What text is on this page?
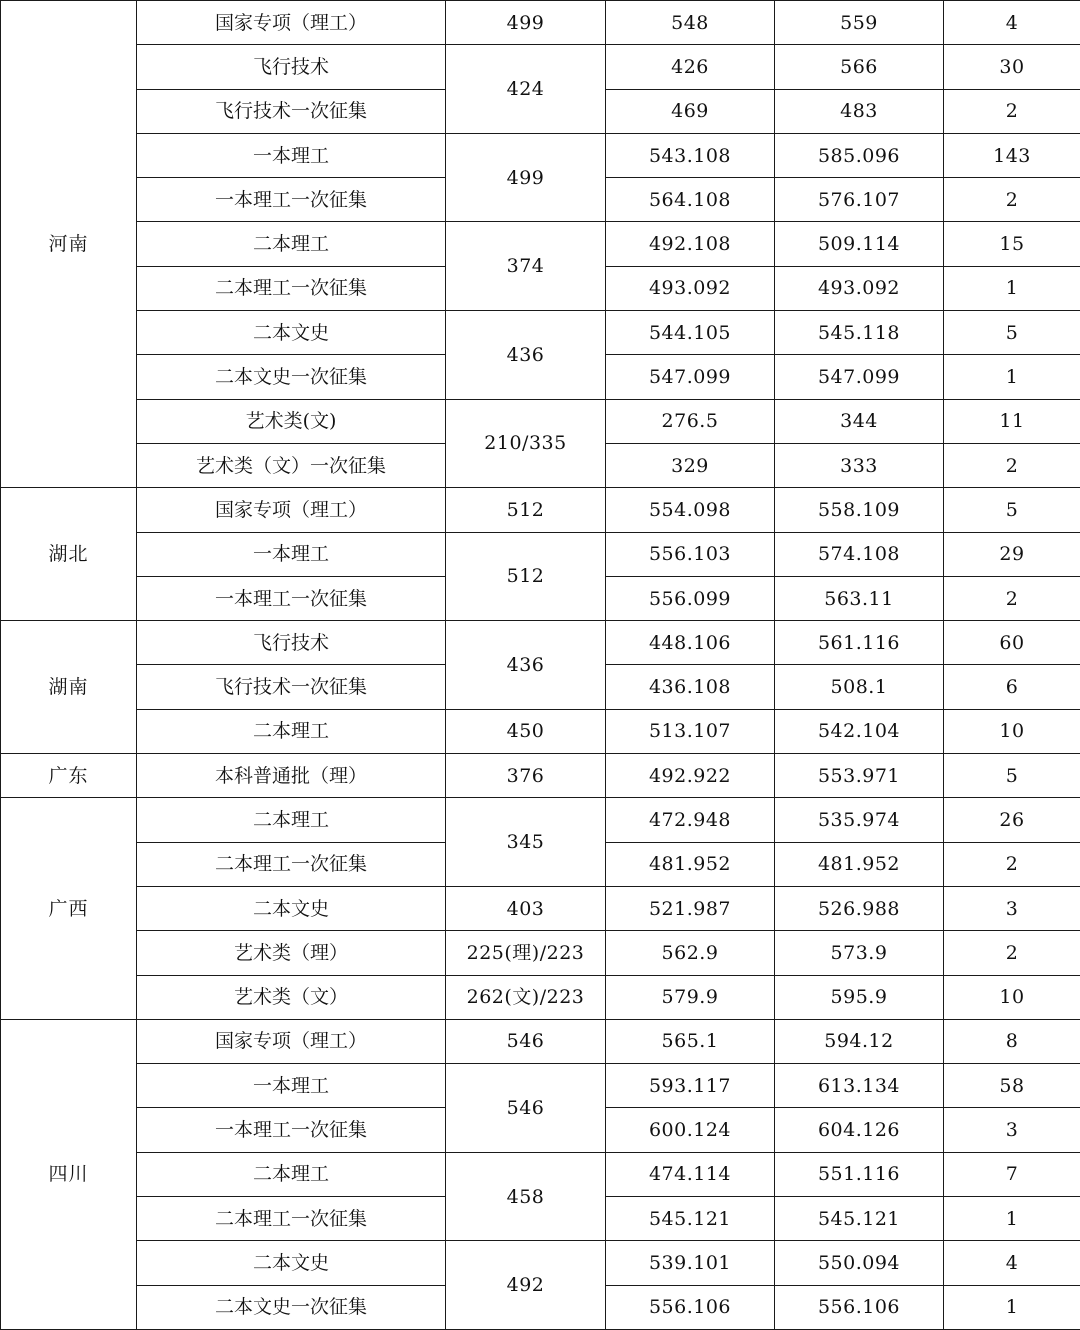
河南	国家专项（理工）	499	548	559	4
	飞行技术	424	426	566	30
	飞行技术一次征集		469	483	2
	一本理工	499	543.108	585.096	143
	一本理工一次征集		564.108	576.107	2
	二本理工	374	492.108	509.114	15
	二本理工一次征集		493.092	493.092	1
	二本文史	436	544.105	545.118	5
	二本文史一次征集		547.099	547.099	1
	艺术类(文)	210/335	276.5	344	11
	艺术类（文）一次征集		329	333	2
湖北	国家专项（理工）	512	554.098	558.109	5
	一本理工	512	556.103	574.108	29
	一本理工一次征集		556.099	563.11	2
湖南	飞行技术	436	448.106	561.116	60
	飞行技术一次征集		436.108	508.1	6
	二本理工	450	513.107	542.104	10
广东	本科普通批（理）	376	492.922	553.971	5
广西	二本理工	345	472.948	535.974	26
	二本理工一次征集		481.952	481.952	2
	二本文史	403	521.987	526.988	3
	艺术类（理）	225(理)/223	562.9	573.9	2
	艺术类（文）	262(文)/223	579.9	595.9	10
四川	国家专项（理工）	546	565.1	594.12	8
	一本理工	546	593.117	613.134	58
	一本理工一次征集		600.124	604.126	3
	二本理工	458	474.114	551.116	7
	二本理工一次征集		545.121	545.121	1
	二本文史	492	539.101	550.094	4
	二本文史一次征集		556.106	556.106	1
